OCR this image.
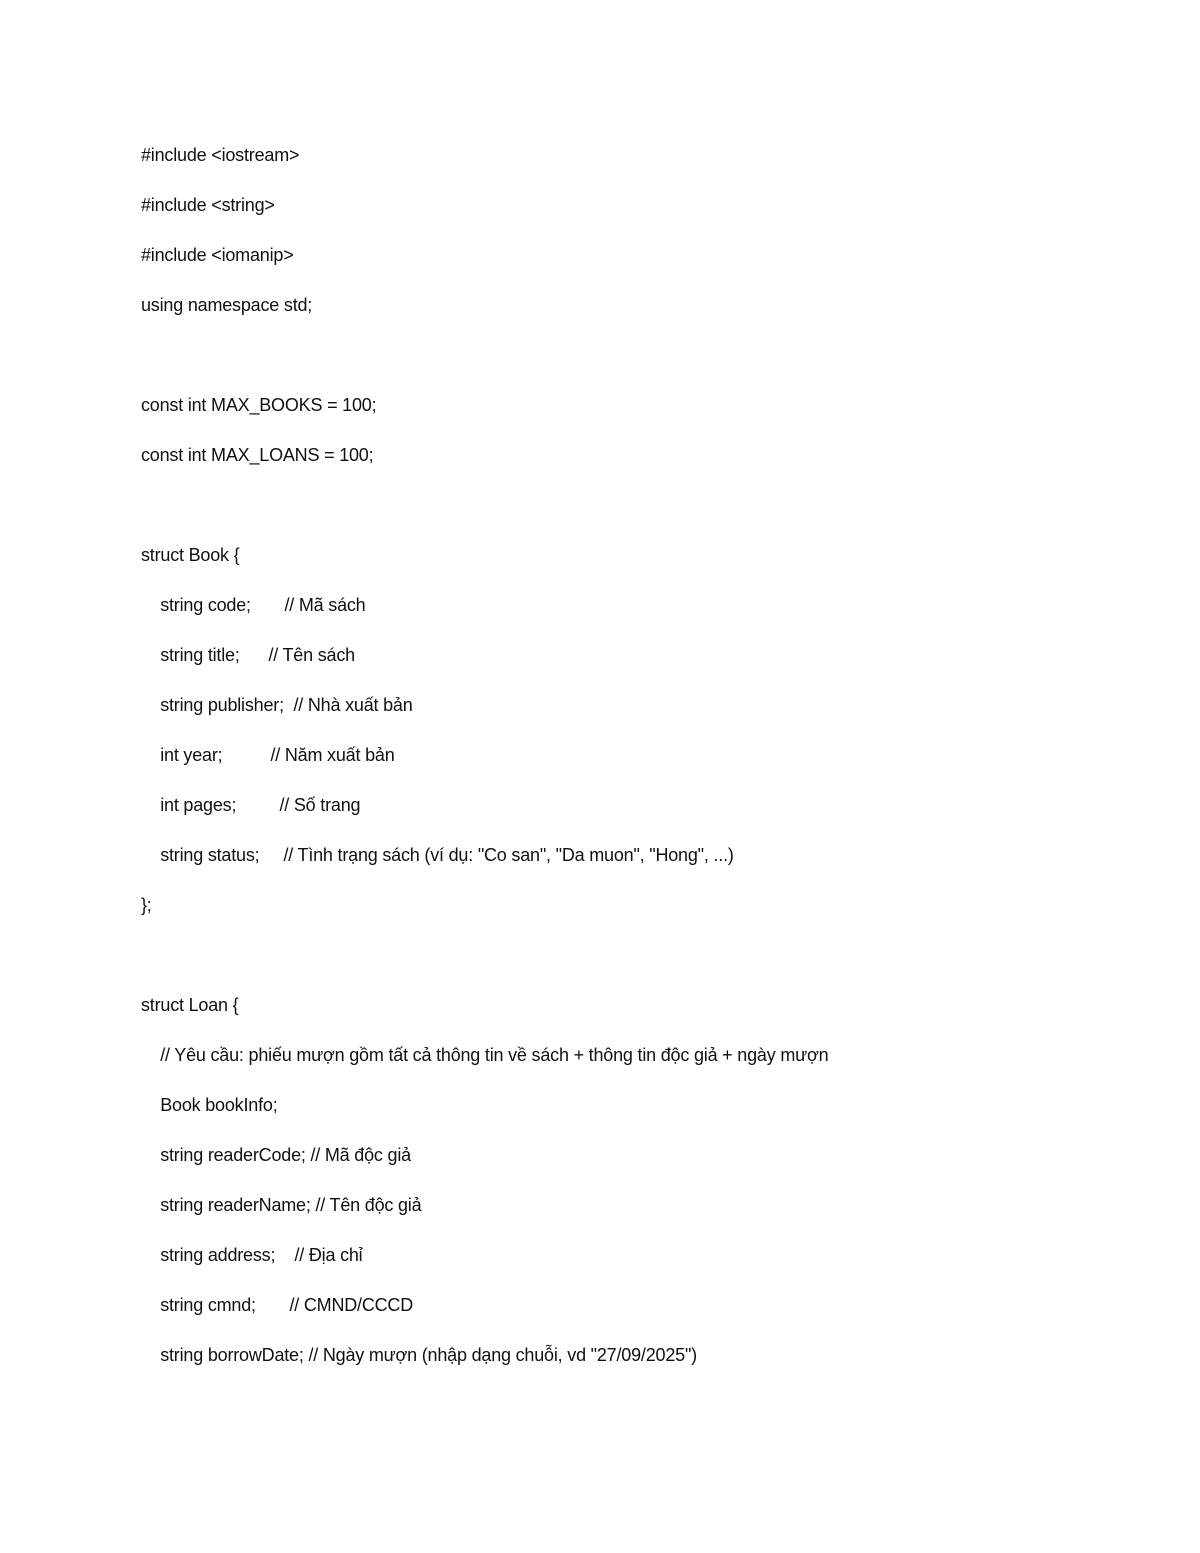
#include <iostream>
#include <string>
#include <iomanip>
using namespace std;
const int MAX_BOOKS = 100;
const int MAX_LOANS = 100;
struct Book {
string code;       // Mã sách
string title;      // Tên sách
string publisher;  // Nhà xuất bản
int year;          // Năm xuất bản
int pages;         // Số trang
string status;     // Tình trạng sách (ví dụ: "Co san", "Da muon", "Hong", ...)
};
struct Loan {
// Yêu cầu: phiếu mượn gồm tất cả thông tin về sách + thông tin độc giả + ngày mượn
Book bookInfo;
string readerCode; // Mã độc giả
string readerName; // Tên độc giả
string address;    // Địa chỉ
string cmnd;       // CMND/CCCD
string borrowDate; // Ngày mượn (nhập dạng chuỗi, vd "27/09/2025")
